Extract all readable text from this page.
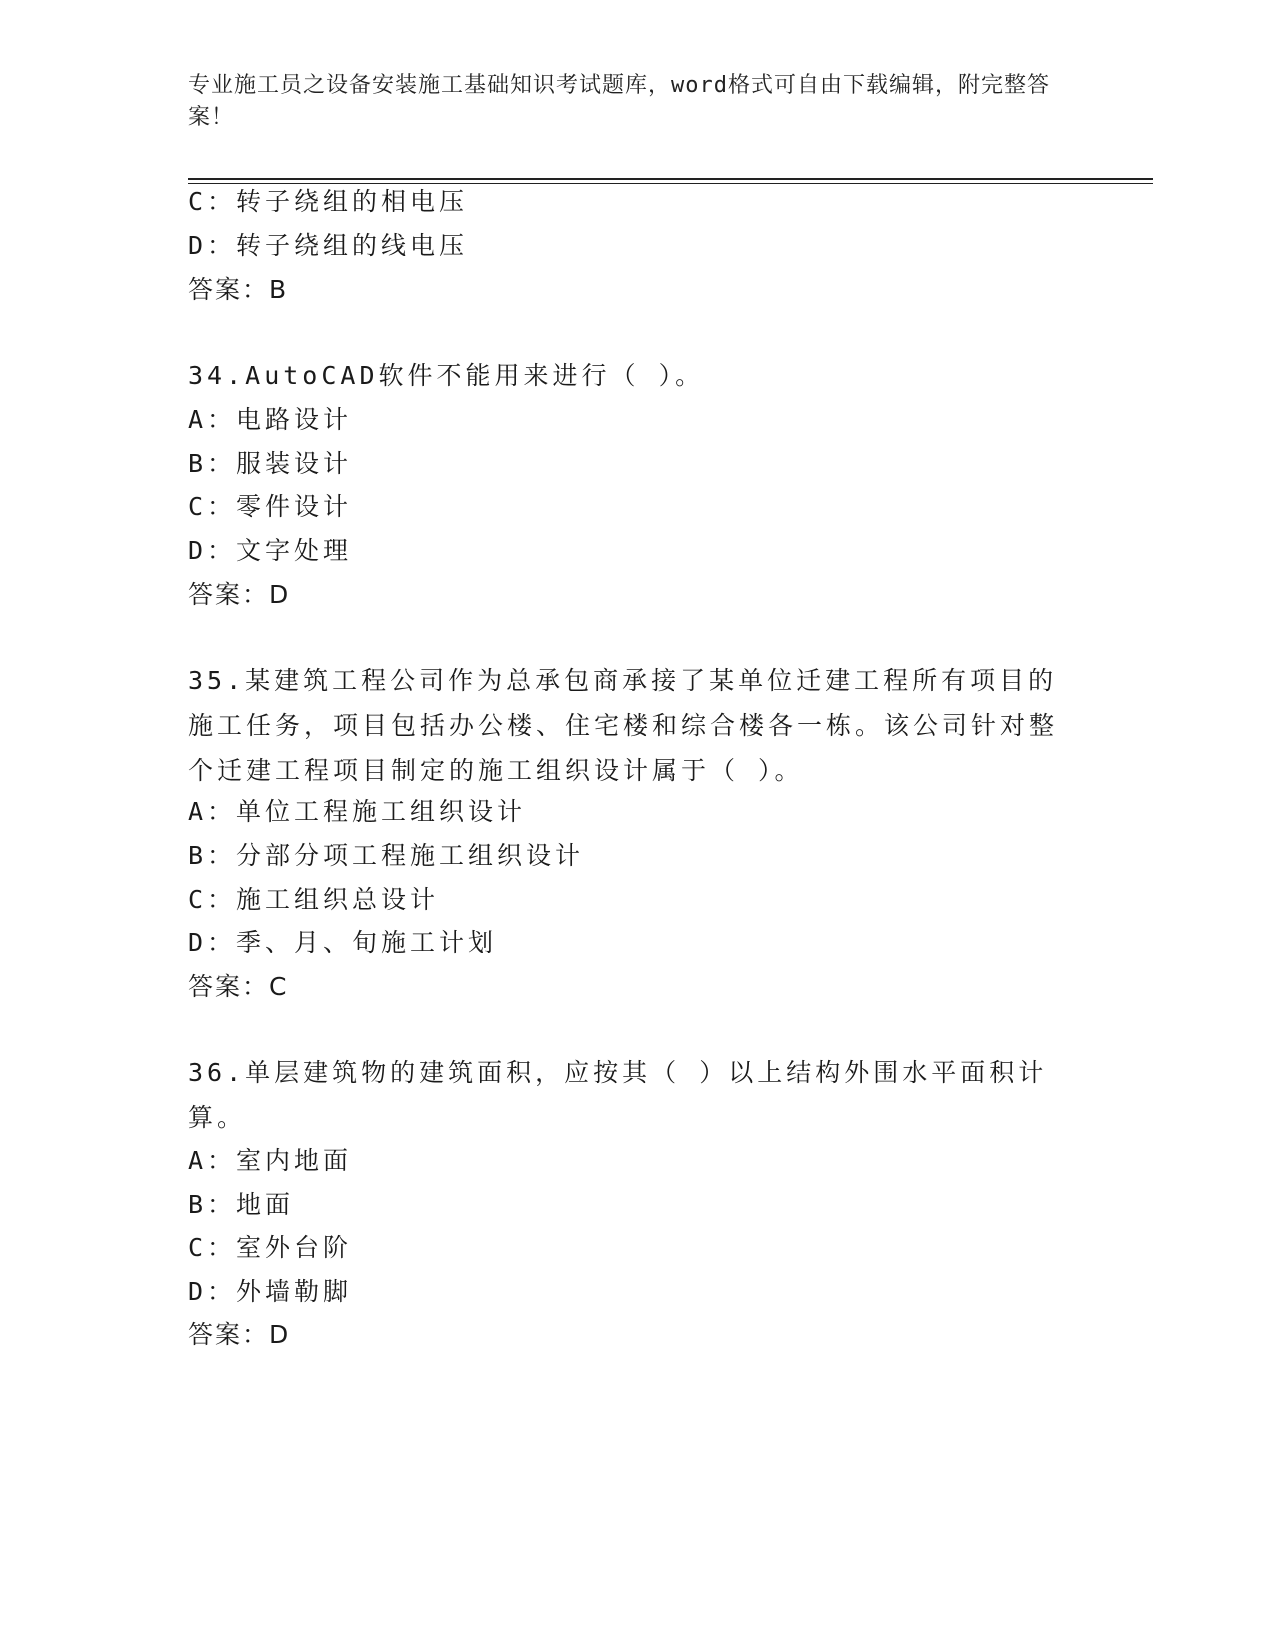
专业施工员之设备安装施工基础知识考试题库，word格式可自由下载编辑，附完整答案！
C：转子绕组的相电压
D：转子绕组的线电压
答案：B
34.AutoCAD软件不能用来进行（ ）。
A：电路设计
B：服装设计
C：零件设计
D：文字处理
答案：D
35.某建筑工程公司作为总承包商承接了某单位迁建工程所有项目的施工任务，项目包括办公楼、住宅楼和综合楼各一栋。该公司针对整个迁建工程项目制定的施工组织设计属于（ ）。
A：单位工程施工组织设计
B：分部分项工程施工组织设计
C：施工组织总设计
D：季、月、旬施工计划
答案：C
36.单层建筑物的建筑面积，应按其（ ）以上结构外围水平面积计算。
A：室内地面
B：地面
C：室外台阶
D：外墙勒脚
答案：D
